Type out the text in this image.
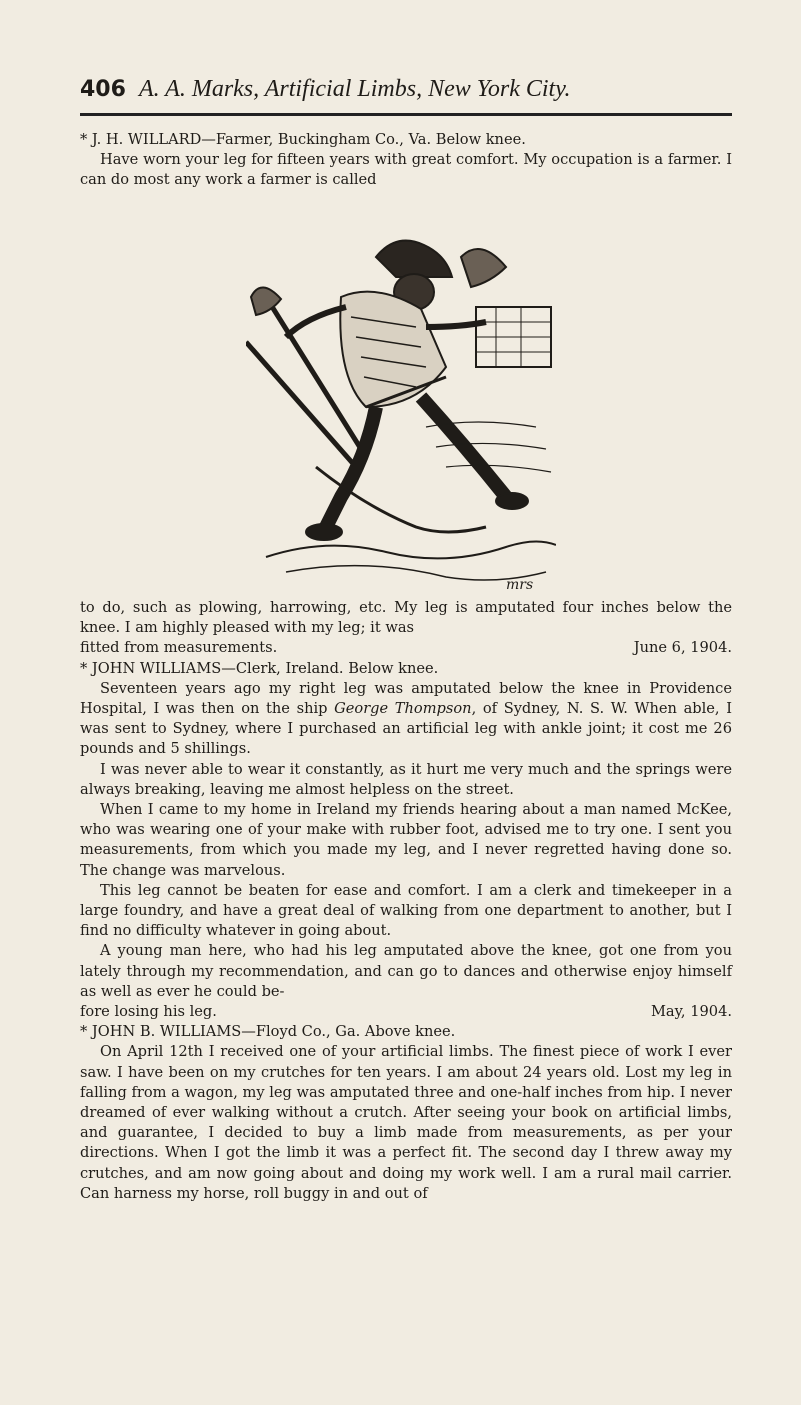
406 A. A. Marks, Artificial Limbs, New York City.

* J. H. WILLARD—Farmer, Buckingham Co., Va. Below knee.

Have worn your leg for fifteen years with great comfort. My occupation is a farmer. I can do most any work a farmer is called

mrs

to do, such as plowing, harrowing, etc. My leg is amputated four inches below the knee. I am highly pleased with my leg; it was

fitted from measurements.	June 6, 1904.

* JOHN WILLIAMS—Clerk, Ireland. Below knee.

Seventeen years ago my right leg was amputated below the knee in Providence Hospital, I was then on the ship George Thompson, of Sydney, N. S. W. When able, I was sent to Sydney, where I purchased an artificial leg with ankle joint; it cost me 26 pounds and 5 shillings.

I was never able to wear it constantly, as it hurt me very much and the springs were always breaking, leaving me almost helpless on the street.

When I came to my home in Ireland my friends hearing about a man named McKee, who was wearing one of your make with rubber foot, advised me to try one. I sent you measurements, from which you made my leg, and I never regretted having done so. The change was marvelous.

This leg cannot be beaten for ease and comfort. I am a clerk and timekeeper in a large foundry, and have a great deal of walking from one department to another, but I find no difficulty whatever in going about.

A young man here, who had his leg amputated above the knee, got one from you lately through my recommendation, and can go to dances and otherwise enjoy himself as well as ever he could be-

fore losing his leg.	May, 1904.

* JOHN B. WILLIAMS—Floyd Co., Ga. Above knee.

On April 12th I received one of your artificial limbs. The finest piece of work I ever saw. I have been on my crutches for ten years. I am about 24 years old. Lost my leg in falling from a wagon, my leg was amputated three and one-half inches from hip. I never dreamed of ever walking without a crutch. After seeing your book on artificial limbs, and guarantee, I decided to buy a limb made from measurements, as per your directions. When I got the limb it was a perfect fit. The second day I threw away my crutches, and am now going about and doing my work well. I am a rural mail carrier. Can harness my horse, roll buggy in and out of
